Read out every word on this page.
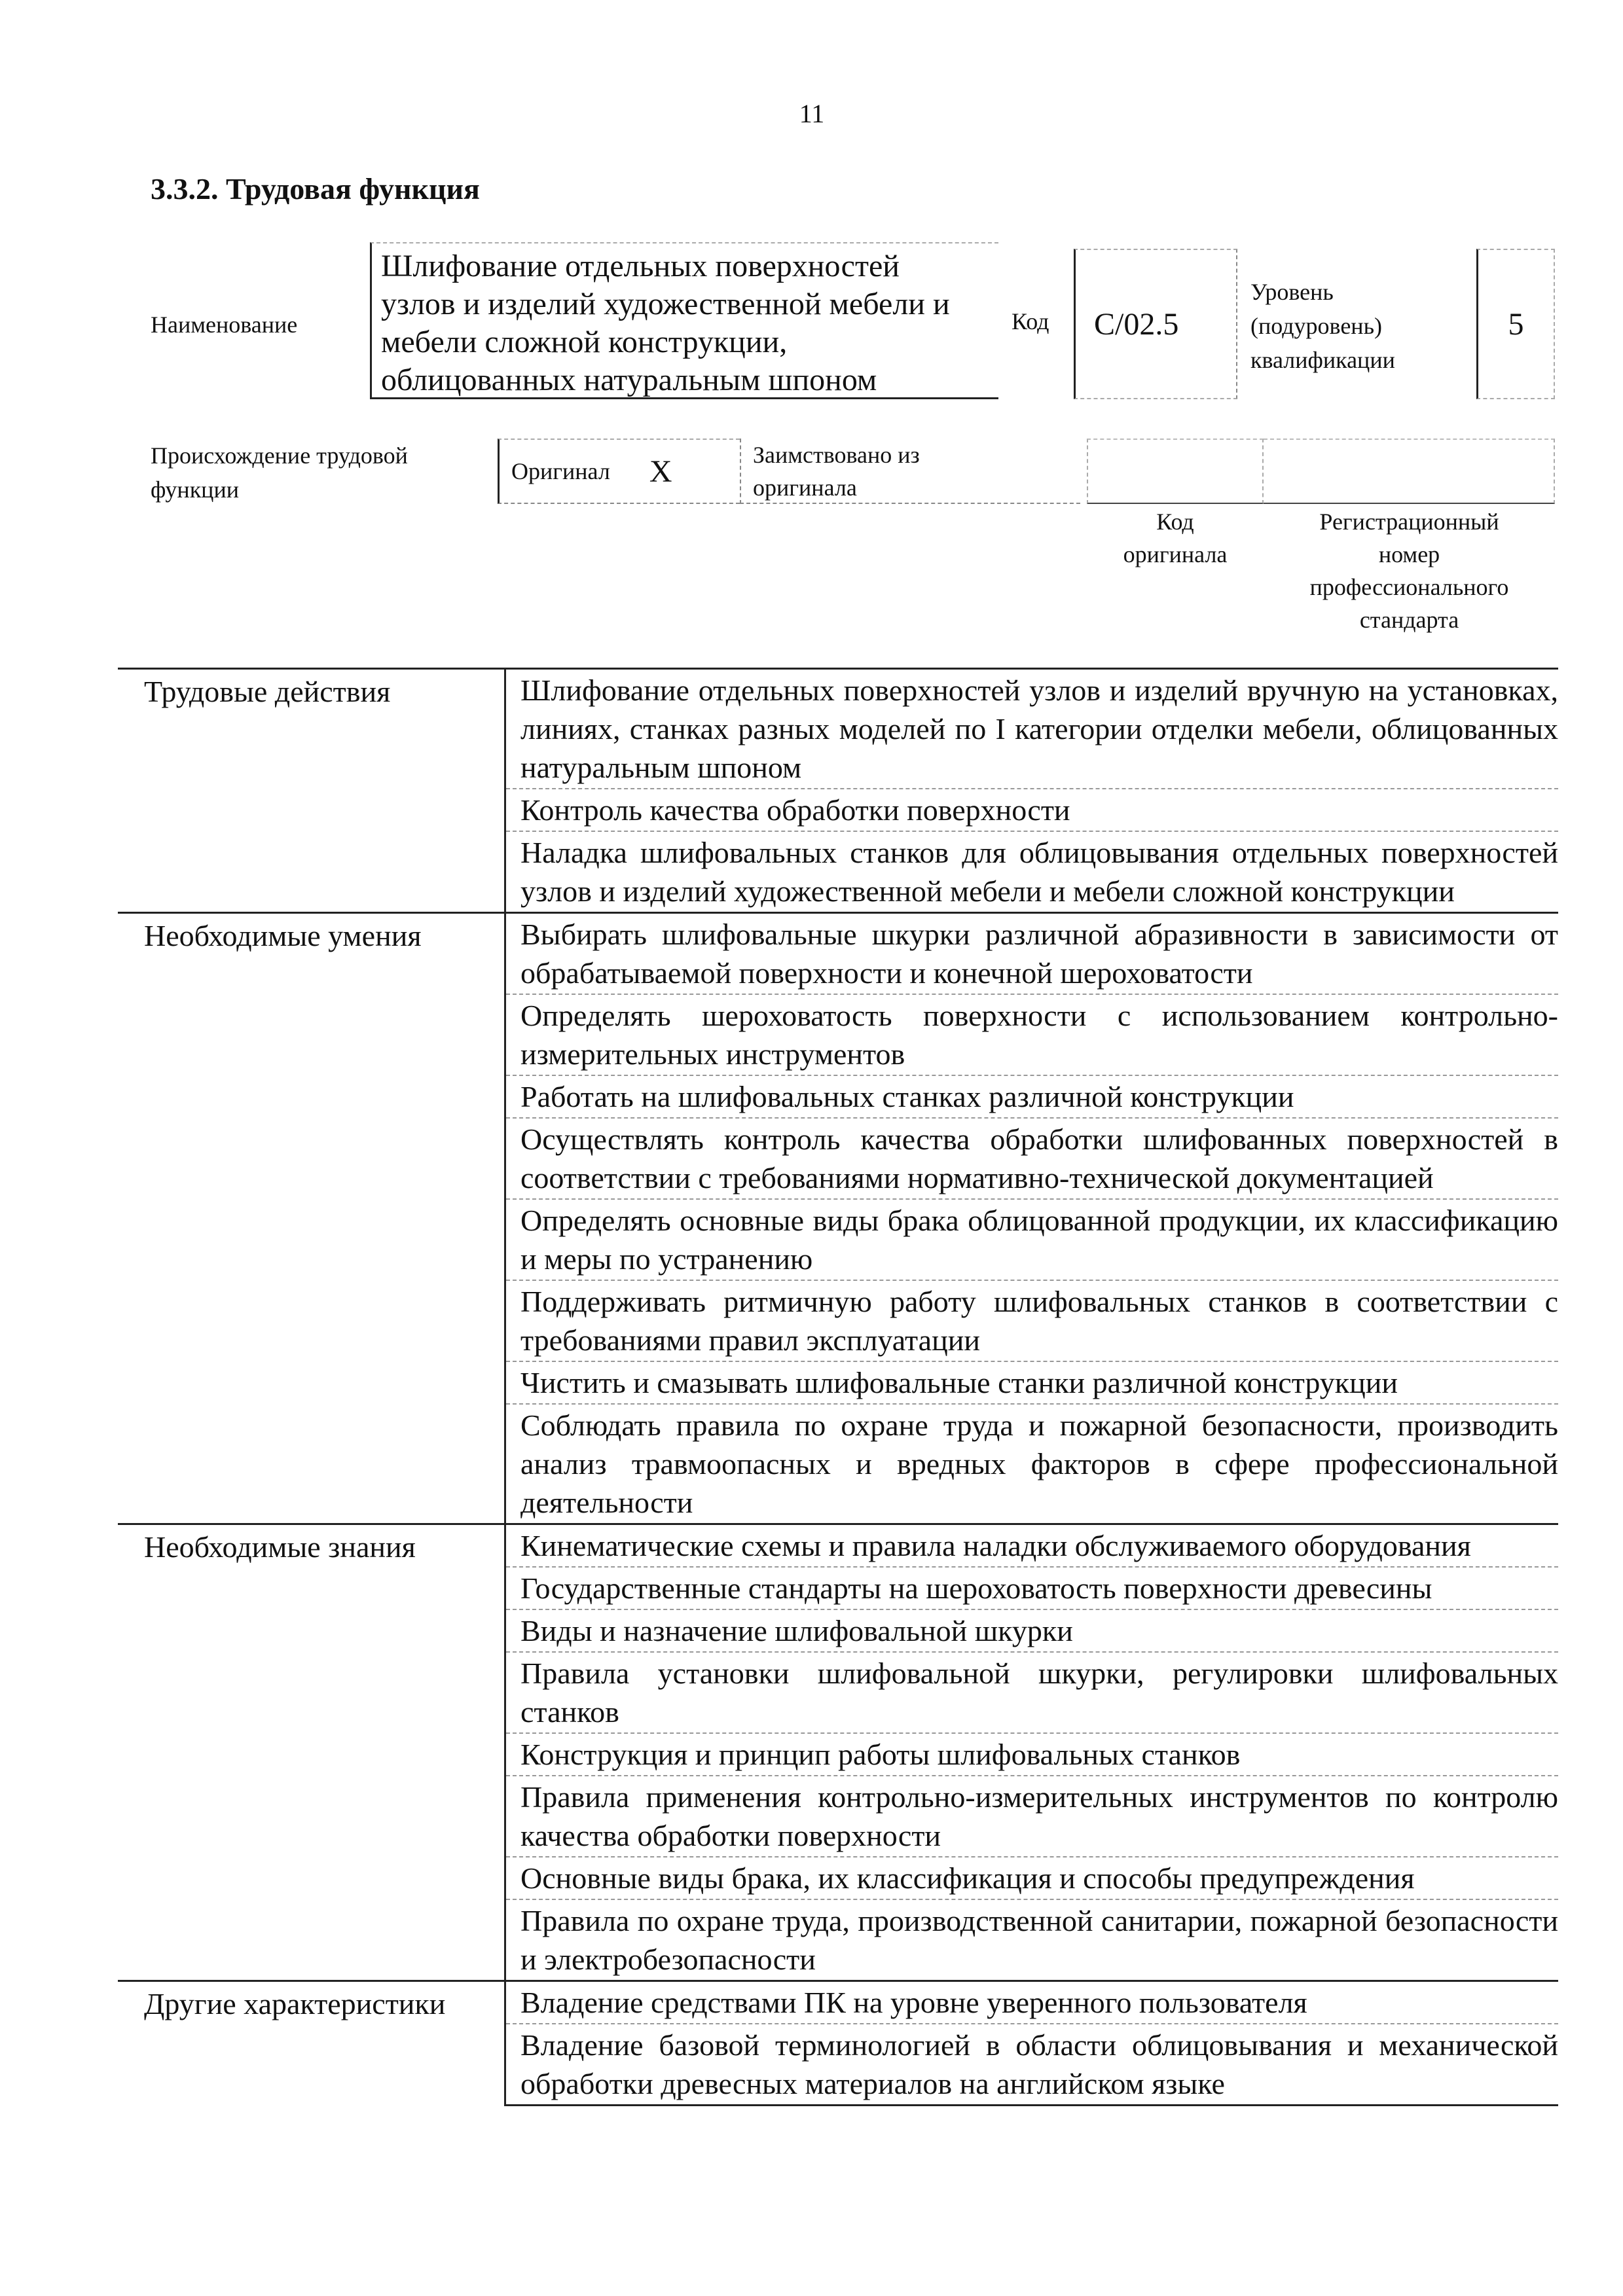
11
3.3.2. Трудовая функция
Наименование
Шлифование отдельных поверхностей
узлов и изделий художественной мебели и
мебели сложной конструкции,
облицованных натуральным шпоном
Код	C/02.5
Уровень
(подуровень)
квалификации
5
Происхождение трудовой
функции
Оригинал X	Заимствовано из
оригинала
Код
оригинала
Регистрационный
номер
профессионального
стандарта
Трудовые действия	Шлифование отдельных поверхностей узлов и изделий вручную на установках, линиях, станках разных моделей по I категории отделки мебели, облицованных натуральным шпоном
	Контроль качества обработки поверхности
	Наладка шлифовальных станков для облицовывания отдельных поверхностей узлов и изделий художественной мебели и мебели сложной конструкции
Необходимые умения	Выбирать шлифовальные шкурки различной абразивности в зависимости от обрабатываемой поверхности и конечной шероховатости
	Определять шероховатость поверхности с использованием контрольно-измерительных инструментов
	Работать на шлифовальных станках различной конструкции
	Осуществлять контроль качества обработки шлифованных поверхностей в соответствии с требованиями нормативно-технической документацией
	Определять основные виды брака облицованной продукции, их классификацию и меры по устранению
	Поддерживать ритмичную работу шлифовальных станков в соответствии с требованиями правил эксплуатации
	Чистить и смазывать шлифовальные станки различной конструкции
	Соблюдать правила по охране труда и пожарной безопасности, производить анализ травмоопасных и вредных факторов в сфере профессиональной деятельности
Необходимые знания	Кинематические схемы и правила наладки обслуживаемого оборудования
	Государственные стандарты на шероховатость поверхности древесины
	Виды и назначение шлифовальной шкурки
	Правила установки шлифовальной шкурки, регулировки шлифовальных станков
	Конструкция и принцип работы шлифовальных станков
	Правила применения контрольно-измерительных инструментов по контролю качества обработки поверхности
	Основные виды брака, их классификация и способы предупреждения
	Правила по охране труда, производственной санитарии, пожарной безопасности и электробезопасности
Другие характеристики	Владение средствами ПК на уровне уверенного пользователя
	Владение базовой терминологией в области облицовывания и механической обработки древесных материалов на английском языке
